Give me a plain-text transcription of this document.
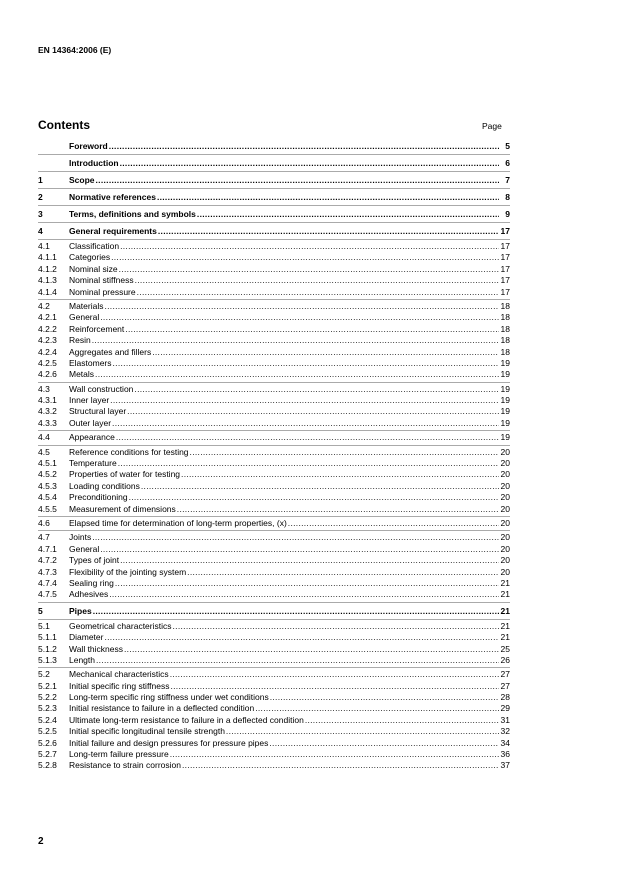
EN 14364:2006 (E)
Contents	Page
Foreword .....	5
Introduction .....	6
1	Scope .....	7
2	Normative references .....	8
3	Terms, definitions and symbols .....	9
4	General requirements .....	17
4.1	Classification .....	17
4.1.1	Categories .....	17
4.1.2	Nominal size .....	17
4.1.3	Nominal stiffness .....	17
4.1.4	Nominal pressure .....	17
4.2	Materials .....	18
4.2.1	General .....	18
4.2.2	Reinforcement .....	18
4.2.3	Resin .....	18
4.2.4	Aggregates and fillers .....	18
4.2.5	Elastomers .....	19
4.2.6	Metals .....	19
4.3	Wall construction .....	19
4.3.1	Inner layer .....	19
4.3.2	Structural layer .....	19
4.3.3	Outer layer .....	19
4.4	Appearance .....	19
4.5	Reference conditions for testing .....	20
4.5.1	Temperature .....	20
4.5.2	Properties of water for testing .....	20
4.5.3	Loading conditions .....	20
4.5.4	Preconditioning .....	20
4.5.5	Measurement of dimensions .....	20
4.6	Elapsed time for determination of long-term properties, (x) .....	20
4.7	Joints .....	20
4.7.1	General .....	20
4.7.2	Types of joint .....	20
4.7.3	Flexibility of the jointing system .....	20
4.7.4	Sealing ring .....	21
4.7.5	Adhesives .....	21
5	Pipes .....	21
5.1	Geometrical characteristics .....	21
5.1.1	Diameter .....	21
5.1.2	Wall thickness .....	25
5.1.3	Length .....	26
5.2	Mechanical characteristics .....	27
5.2.1	Initial specific ring stiffness .....	27
5.2.2	Long-term specific ring stiffness under wet conditions .....	28
5.2.3	Initial resistance to failure in a deflected condition .....	29
5.2.4	Ultimate long-term resistance to failure in a deflected condition .....	31
5.2.5	Initial specific longitudinal tensile strength .....	32
5.2.6	Initial failure and design pressures for pressure pipes .....	34
5.2.7	Long-term failure pressure .....	36
5.2.8	Resistance to strain corrosion .....	37
2
